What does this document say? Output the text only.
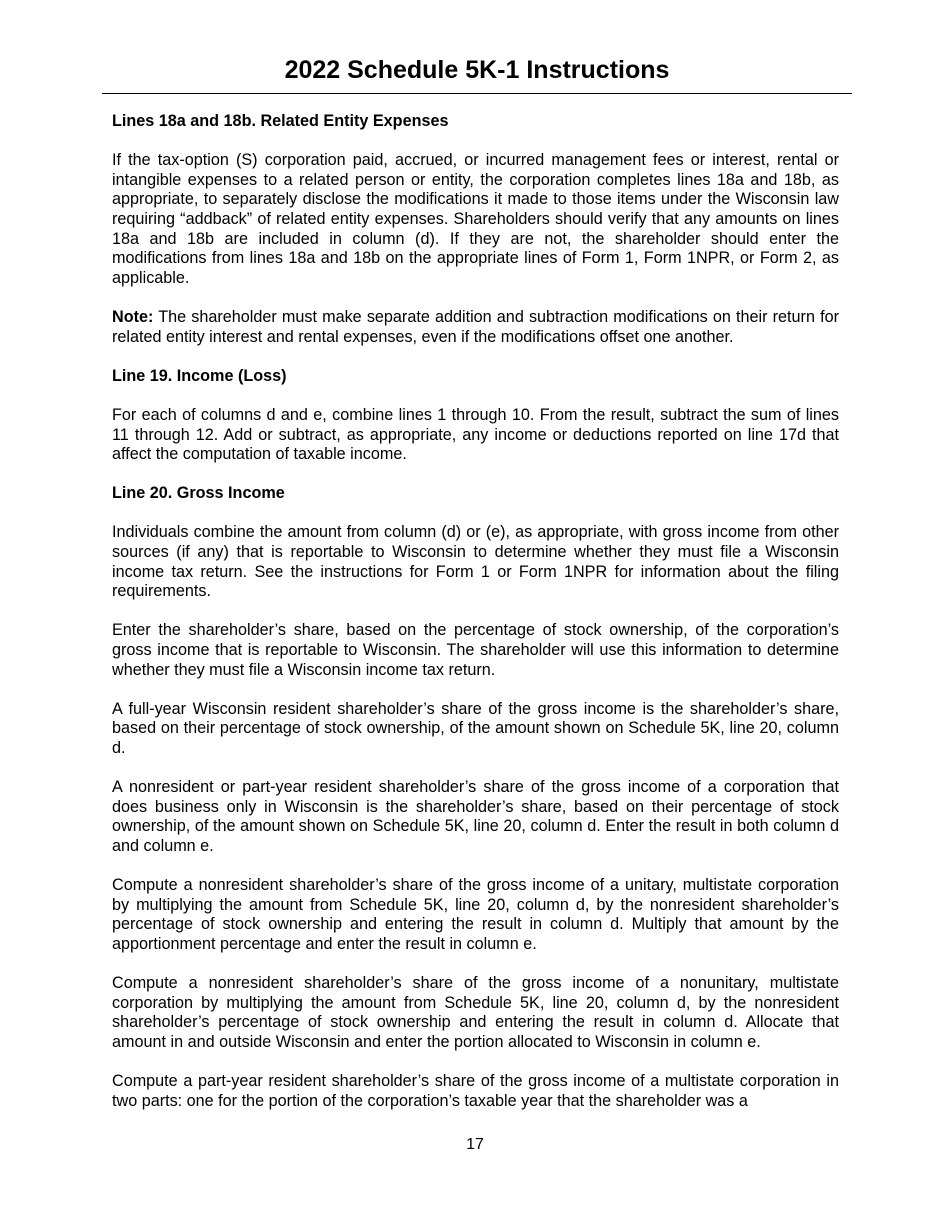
2022 Schedule 5K-1 Instructions
Lines 18a and 18b. Related Entity Expenses

If the tax-option (S) corporation paid, accrued, or incurred management fees or interest, rental or intangible expenses to a related person or entity, the corporation completes lines 18a and 18b, as appropriate, to separately disclose the modifications it made to those items under the Wisconsin law requiring “addback” of related entity expenses. Shareholders should verify that any amounts on lines 18a and 18b are included in column (d). If they are not, the shareholder should enter the modifications from lines 18a and 18b on the appropriate lines of Form 1, Form 1NPR, or Form 2, as applicable.

Note: The shareholder must make separate addition and subtraction modifications on their return for related entity interest and rental expenses, even if the modifications offset one another.

Line 19. Income (Loss)

For each of columns d and e, combine lines 1 through 10. From the result, subtract the sum of lines 11 through 12. Add or subtract, as appropriate, any income or deductions reported on line 17d that affect the computation of taxable income.

Line 20. Gross Income

Individuals combine the amount from column (d) or (e), as appropriate, with gross income from other sources (if any) that is reportable to Wisconsin to determine whether they must file a Wisconsin income tax return. See the instructions for Form 1 or Form 1NPR for information about the filing requirements.

Enter the shareholder’s share, based on the percentage of stock ownership, of the corporation’s gross income that is reportable to Wisconsin. The shareholder will use this information to determine whether they must file a Wisconsin income tax return.

A full-year Wisconsin resident shareholder’s share of the gross income is the shareholder’s share, based on their percentage of stock ownership, of the amount shown on Schedule 5K, line 20, column d.

A nonresident or part-year resident shareholder’s share of the gross income of a corporation that does business only in Wisconsin is the shareholder’s share, based on their percentage of stock ownership, of the amount shown on Schedule 5K, line 20, column d. Enter the result in both column d and column e.

Compute a nonresident shareholder’s share of the gross income of a unitary, multistate corporation by multiplying the amount from Schedule 5K, line 20, column d, by the nonresident shareholder’s percentage of stock ownership and entering the result in column d. Multiply that amount by the apportionment percentage and enter the result in column e.

Compute a nonresident shareholder’s share of the gross income of a nonunitary, multistate corporation by multiplying the amount from Schedule 5K, line 20, column d, by the nonresident shareholder’s percentage of stock ownership and entering the result in column d. Allocate that amount in and outside Wisconsin and enter the portion allocated to Wisconsin in column e.

Compute a part-year resident shareholder’s share of the gross income of a multistate corporation in two parts: one for the portion of the corporation’s taxable year that the shareholder was a

17
